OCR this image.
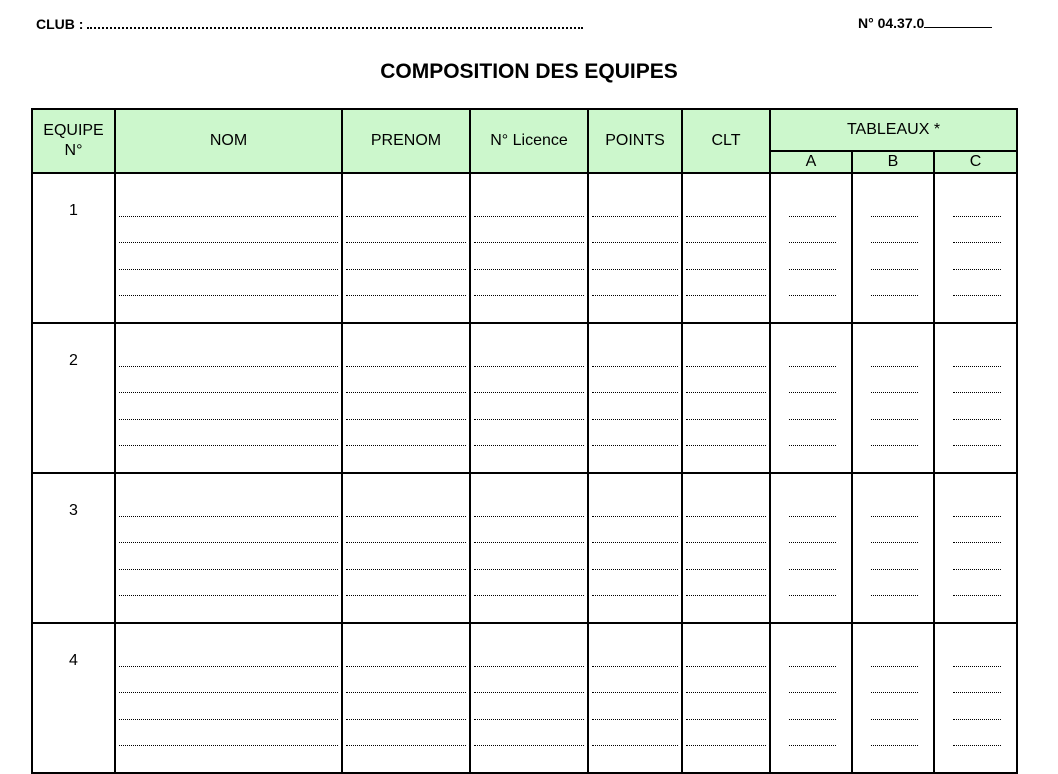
CLUB :	N° 04.37.0
COMPOSITION DES EQUIPES
EQUIPE N°	NOM	PRENOM	N° Licence	POINTS	CLT	TABLEAUX *		
						A	B	C
1	

2	

3	

4	
